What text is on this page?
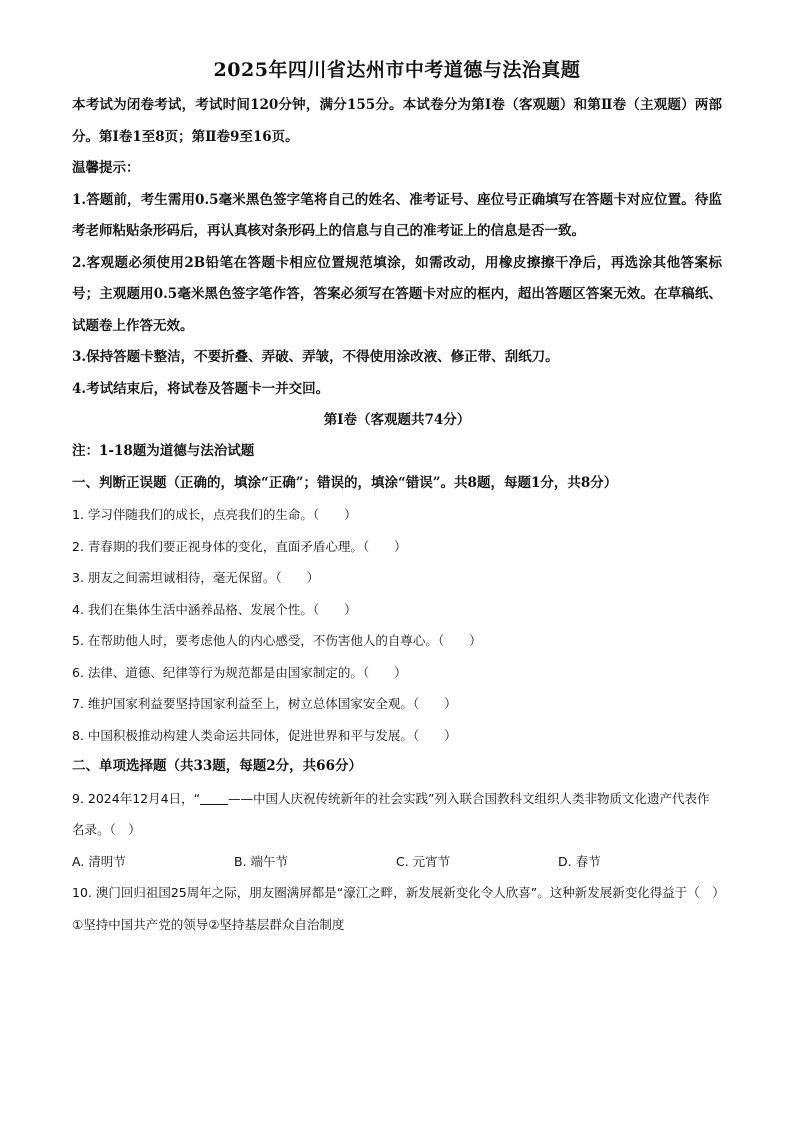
2025年四川省达州市中考道德与法治真题

本考试为闭卷考试，考试时间120分钟，满分155分。本试卷分为第Ⅰ卷（客观题）和第Ⅱ卷（主观题）两部分。第Ⅰ卷1至8页；第Ⅱ卷9至16页。

温馨提示：

1.答题前，考生需用0.5毫米黑色签字笔将自己的姓名、准考证号、座位号正确填写在答题卡对应位置。待监考老师粘贴条形码后，再认真核对条形码上的信息与自己的准考证上的信息是否一致。

2.客观题必须使用2B铅笔在答题卡相应位置规范填涂，如需改动，用橡皮擦擦干净后，再选涂其他答案标号；主观题用0.5毫米黑色签字笔作答，答案必须写在答题卡对应的框内，超出答题区答案无效。在草稿纸、试题卷上作答无效。

3.保持答题卡整洁，不要折叠、弄破、弄皱，不得使用涂改液、修正带、刮纸刀。

4.考试结束后，将试卷及答题卡一并交回。

第Ⅰ卷（客观题共74分）

注：1-18题为道德与法治试题

一、判断正误题（正确的，填涂“正确”；错误的，填涂“错误”。共8题，每题1分，共8分）

1. 学习伴随我们的成长，点亮我们的生命。（　　）

2. 青春期的我们要正视身体的变化，直面矛盾心理。（　　）

3. 朋友之间需坦诚相待，毫无保留。（　　）

4. 我们在集体生活中涵养品格、发展个性。（　　）

5. 在帮助他人时，要考虑他人的内心感受，不伤害他人的自尊心。（　　）

6. 法律、道德、纪律等行为规范都是由国家制定的。（　　）

7. 维护国家利益要坚持国家利益至上，树立总体国家安全观。（　　）

8. 中国积极推动构建人类命运共同体，促进世界和平与发展。（　　）

二、单项选择题（共33题，每题2分，共66分）

9. 2024年12月4日，“ ——中国人庆祝传统新年的社会实践”列入联合国教科文组织人类非物质文化遗产代表作名录。（　）

A. 清明节	B. 端午节	C. 元宵节	D. 春节

10. 澳门回归祖国25周年之际，朋友圈满屏都是“濠江之畔，新发展新变化令人欣喜”。这种新发展新变化得益于（　）

①坚持中国共产党的领导②坚持基层群众自治制度
